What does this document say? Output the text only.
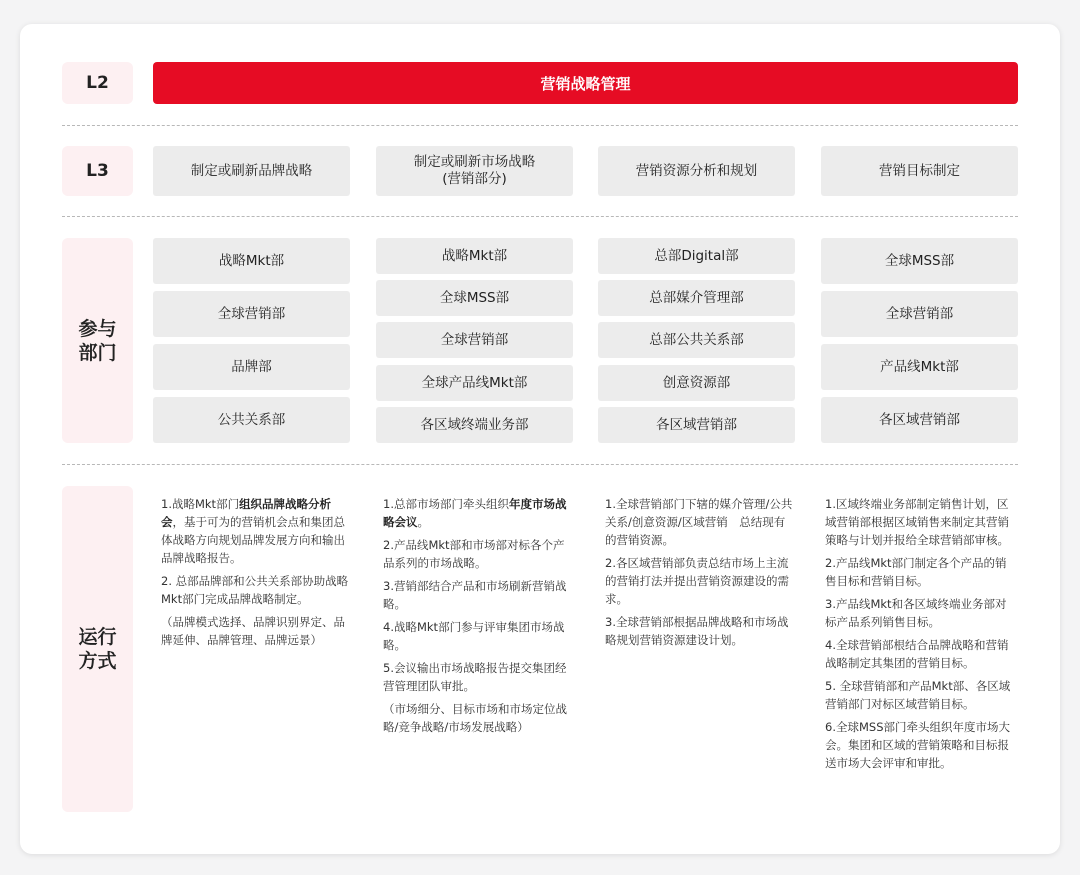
L2
L3
参与
部门
运行
方式
营销战略管理
制定或刷新品牌战略
制定或刷新市场战略
(营销部分)
营销资源分析和规划	营销目标制定
战略Mkt部
全球营销部
品牌部
公共关系部
战略Mkt部
全球MSS部
全球营销部
全球产品线Mkt部
各区域终端业务部
总部Digital部
总部媒介管理部
总部公共关系部
创意资源部
各区域营销部
全球MSS部
全球营销部
产品线Mkt部
各区域营销部

1.战略Mkt部门组织品牌战略分析会，基于可为的营销机会点和集团总体战略方向规划品牌发展方向和输出品牌战略报告。

2. 总部品牌部和公共关系部协助战略Mkt部门完成品牌战略制定。

（品牌模式选择、品牌识别界定、品牌延伸、品牌管理、品牌远景）

1.总部市场部门牵头组织年度市场战略会议。

2.产品线Mkt部和市场部对标各个产品系列的市场战略。

3.营销部结合产品和市场刷新营销战略。

4.战略Mkt部门参与评审集团市场战略。

5.会议输出市场战略报告提交集团经营管理团队审批。

（市场细分、目标市场和市场定位战略/竞争战略/市场发展战略）

1.全球营销部门下辖的媒介管理/公共关系/创意资源/区域营销　总结现有的营销资源。

2.各区域营销部负责总结市场上主流的营销打法并提出营销资源建设的需求。

3.全球营销部根据品牌战略和市场战略规划营销资源建设计划。

1.区域终端业务部制定销售计划，区域营销部根据区域销售来制定其营销策略与计划并报给全球营销部审核。

2.产品线Mkt部门制定各个产品的销售目标和营销目标。

3.产品线Mkt和各区域终端业务部对标产品系列销售目标。

4.全球营销部根结合品牌战略和营销战略制定其集团的营销目标。

5. 全球营销部和产品Mkt部、各区域营销部门对标区域营销目标。

6.全球MSS部门牵头组织年度市场大会。集团和区域的营销策略和目标报送市场大会评审和审批。
